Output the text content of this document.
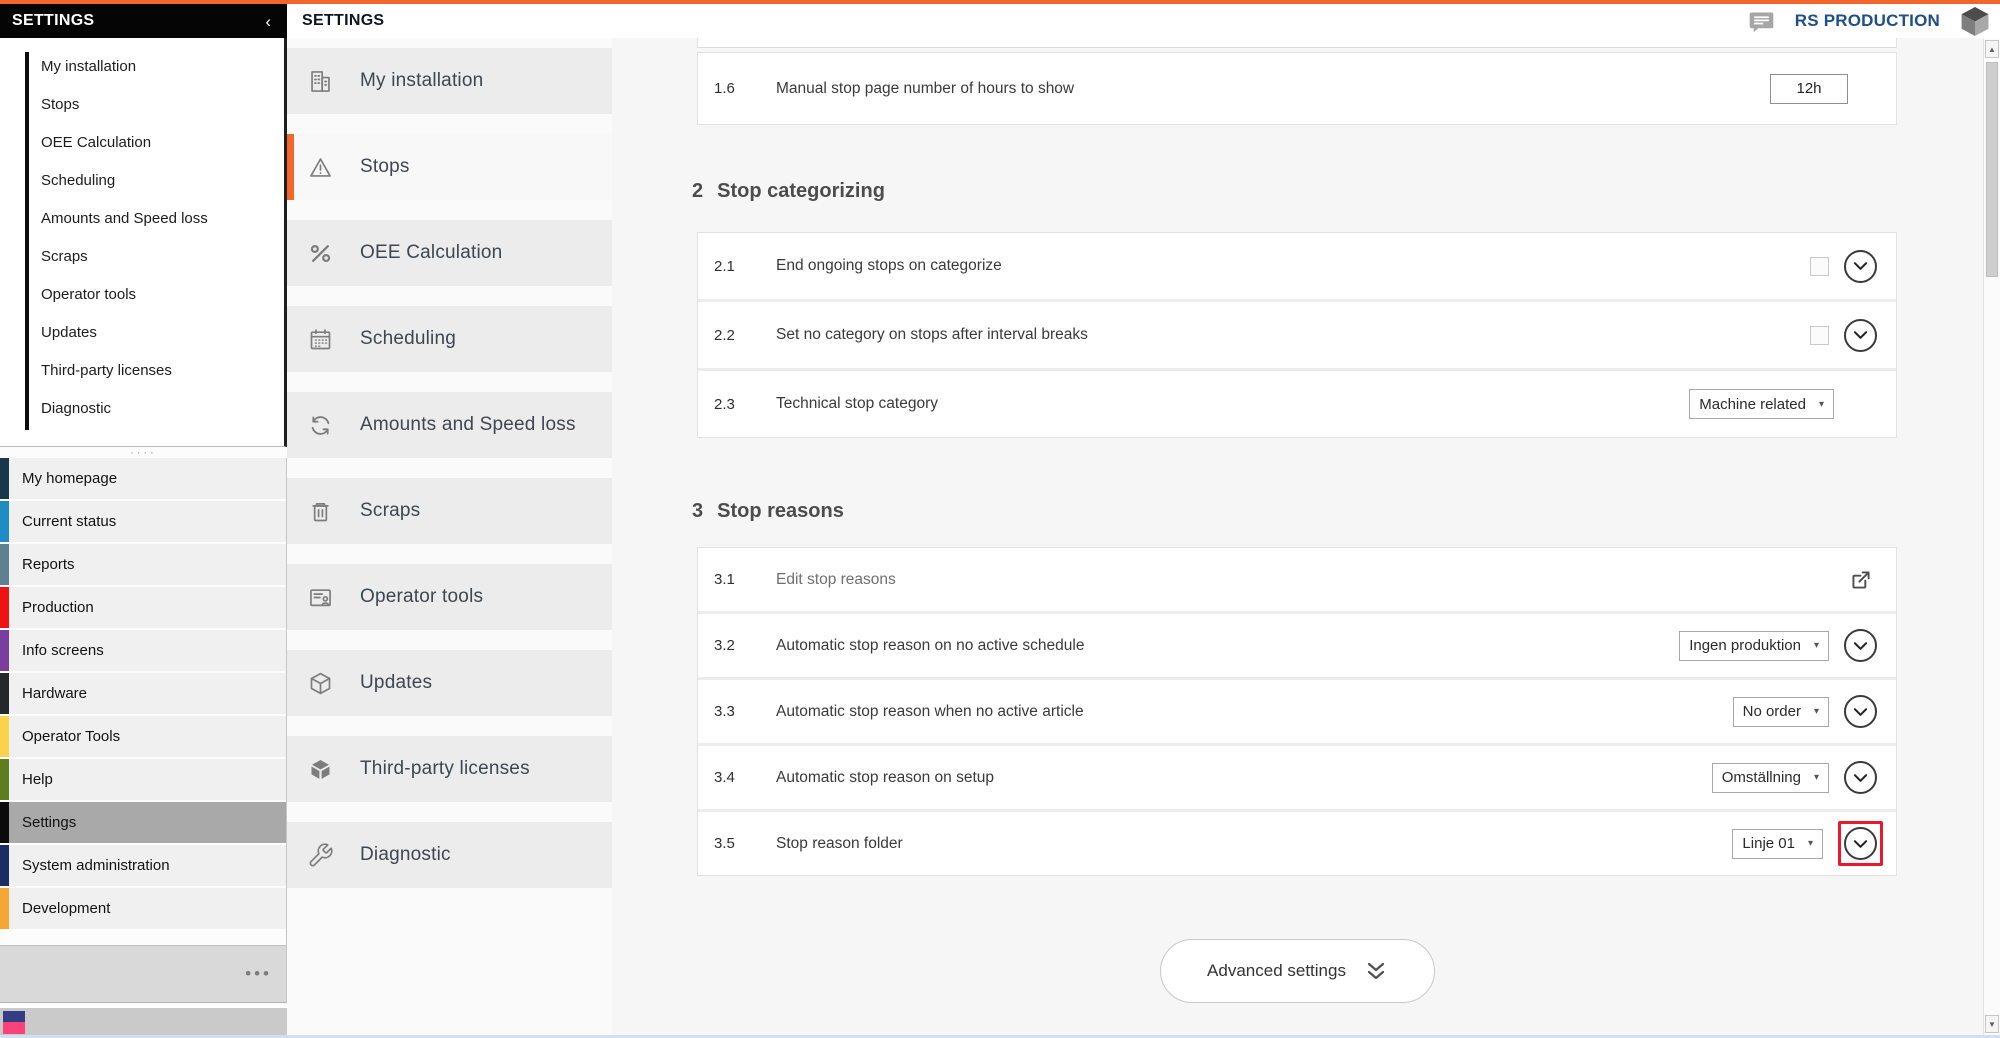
SETTINGS	‹
My installation
Stops
OEE Calculation
Scheduling
Amounts and Speed loss
Scraps
Operator tools
Updates
Third-party licenses
Diagnostic
····
My homepage
Current status
Reports
Production
Info screens
Hardware
Operator Tools
Help
Settings
System administration
Development
•••
SETTINGS	RS PRODUCTION
My installation
Stops
OEE Calculation
Scheduling
Amounts and Speed loss
Scraps
Operator tools
Updates
Third-party licenses
Diagnostic
1.6	Manual stop page number of hours to show	12h
2 Stop categorizing
2.1	End ongoing stops on categorize
2.2	Set no category on stops after interval breaks
2.3	Technical stop category	Machine related ▾
3 Stop reasons
3.1	Edit stop reasons
3.2	Automatic stop reason on no active schedule	Ingen produktion ▾
3.3	Automatic stop reason when no active article	No order ▾
3.4	Automatic stop reason on setup	Omställning ▾
3.5	Stop reason folder	Linje 01 ▾
Advanced settings
▲
▼
